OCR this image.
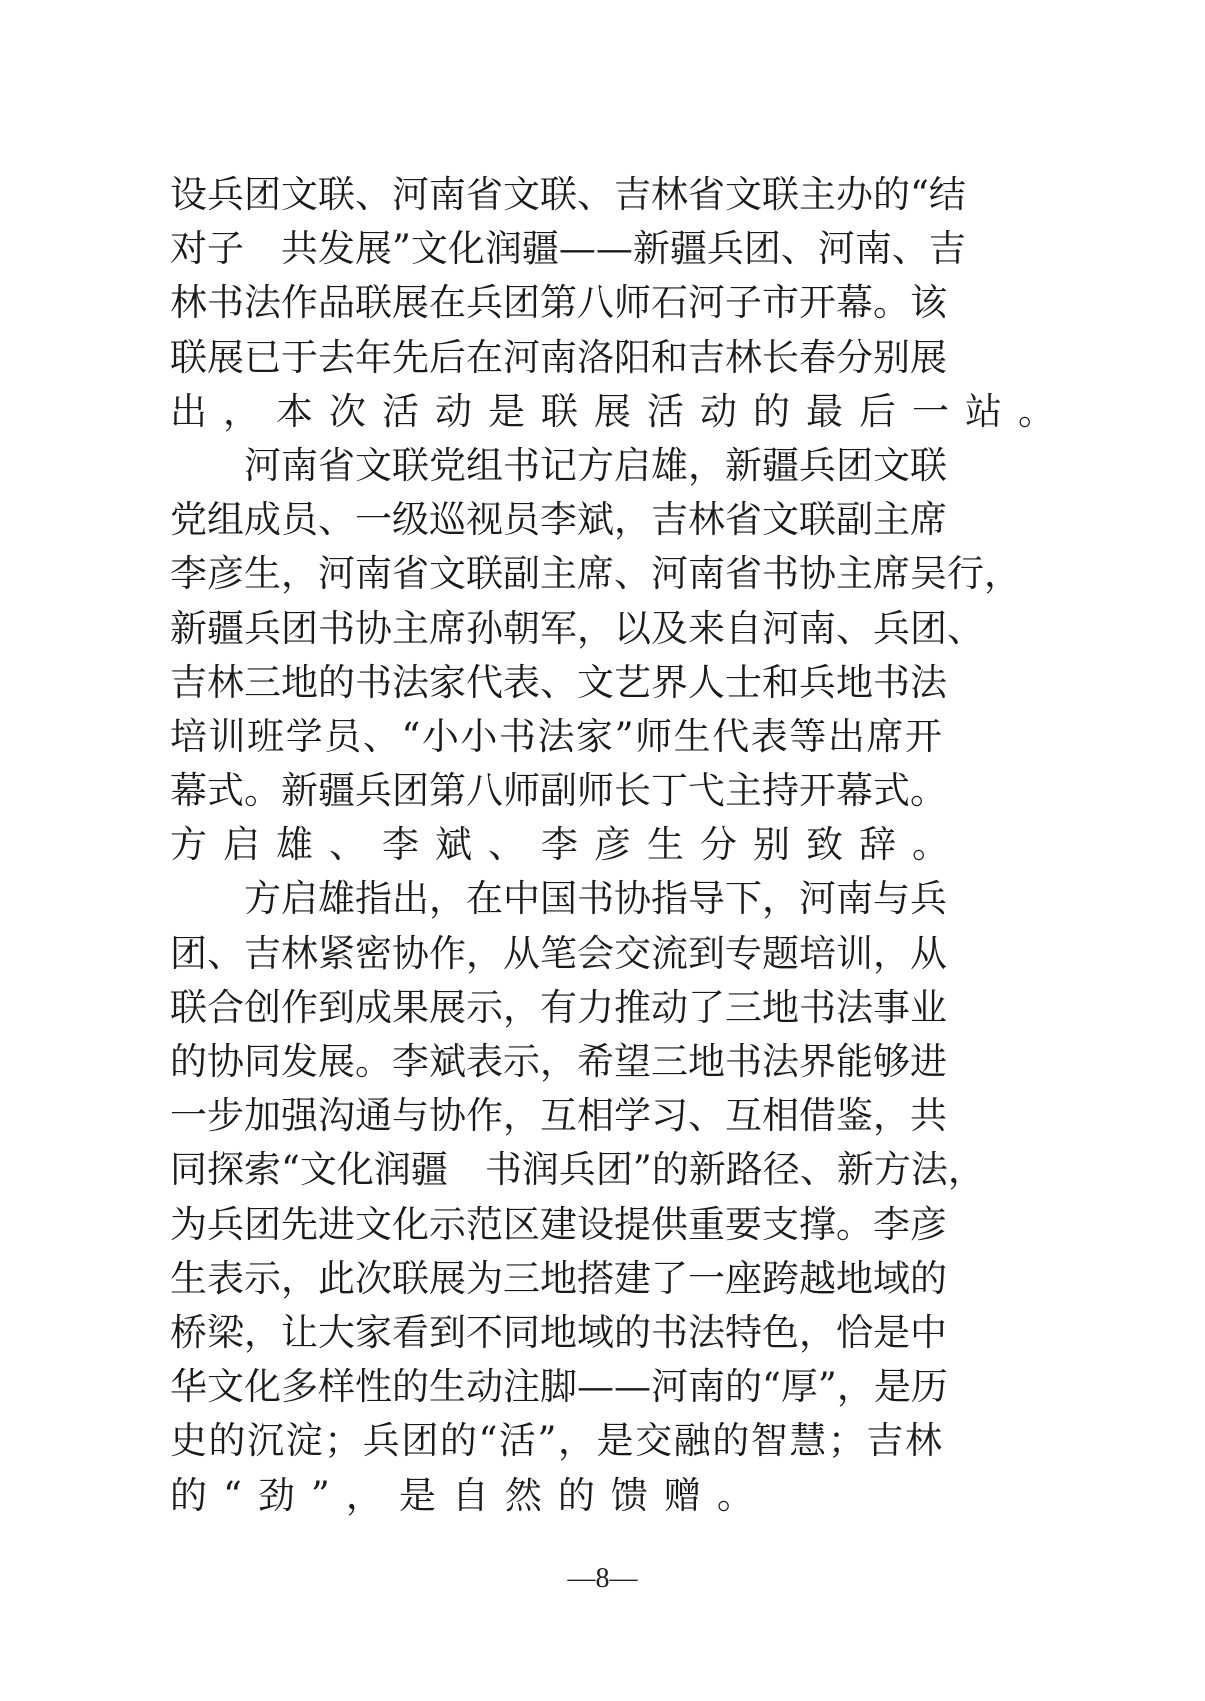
设兵团文联、河南省文联、吉林省文联主办的“结
对子　共发展”文化润疆——新疆兵团、河南、吉
林书法作品联展在兵团第八师石河子市开幕。该
联展已于去年先后在河南洛阳和吉林长春分别展
出，本次活动是联展活动的最后一站。
河南省文联党组书记方启雄，新疆兵团文联
党组成员、一级巡视员李斌，吉林省文联副主席
李彦生，河南省文联副主席、河南省书协主席吴行，
新疆兵团书协主席孙朝军，以及来自河南、兵团、
吉林三地的书法家代表、文艺界人士和兵地书法
培训班学员、“小小书法家”师生代表等出席开
幕式。新疆兵团第八师副师长丁弋主持开幕式。
方启雄、李斌、李彦生分别致辞。
方启雄指出，在中国书协指导下，河南与兵
团、吉林紧密协作，从笔会交流到专题培训，从
联合创作到成果展示，有力推动了三地书法事业
的协同发展。李斌表示，希望三地书法界能够进
一步加强沟通与协作，互相学习、互相借鉴，共
同探索“文化润疆　书润兵团”的新路径、新方法，
为兵团先进文化示范区建设提供重要支撑。李彦
生表示，此次联展为三地搭建了一座跨越地域的
桥梁，让大家看到不同地域的书法特色，恰是中
华文化多样性的生动注脚——河南的“厚”，是历
史的沉淀；兵团的“活”，是交融的智慧；吉林
的“劲”，是自然的馈赠。
—8—
